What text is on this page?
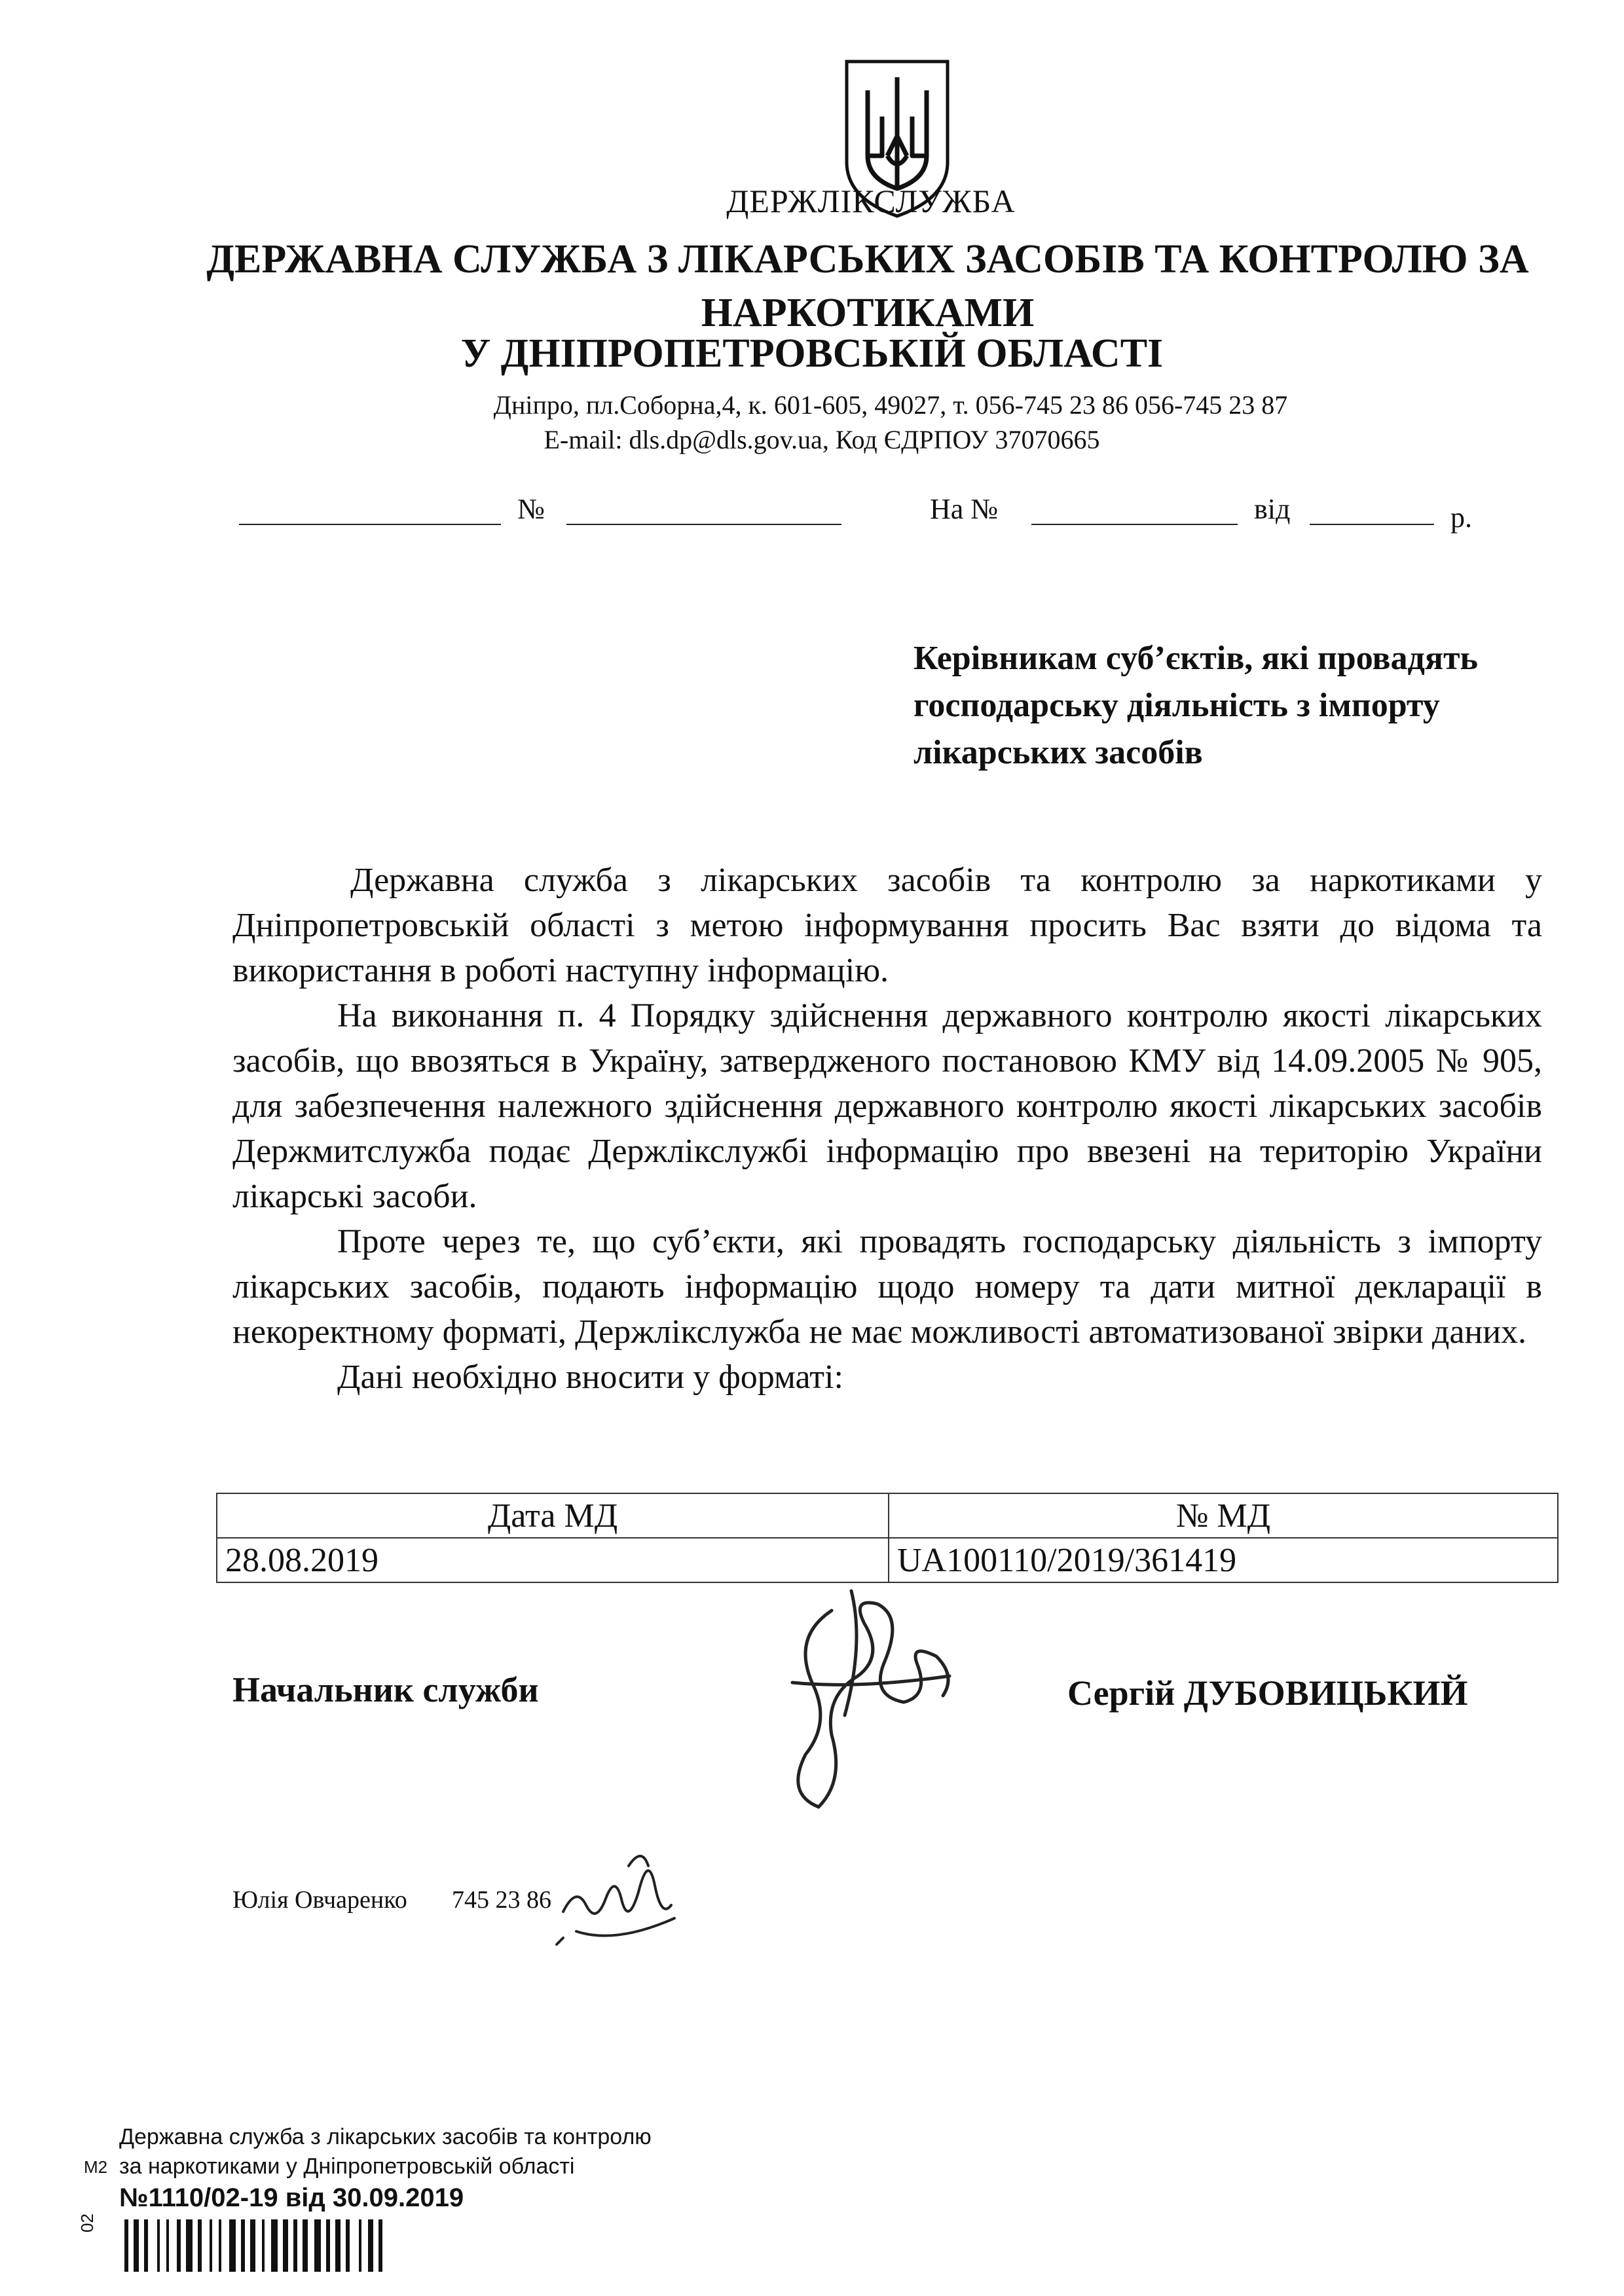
ДЕРЖЛІКСЛУЖБА
ДЕРЖАВНА СЛУЖБА З ЛІКАРСЬКИХ ЗАСОБІВ ТА КОНТРОЛЮ ЗА НАРКОТИКАМИ
У ДНІПРОПЕТРОВСЬКІЙ ОБЛАСТІ
Дніпро, пл.Соборна,4, к. 601-605, 49027, т. 056-745 23 86 056-745 23 87
E-mail: dls.dp@dls.gov.ua, Код ЄДРПОУ 37070665
№	На №	від	р.
Керівникам суб’єктів, які провадять господарську діяльність з імпорту лікарських засобів

Державна служба з лікарських засобів та контролю за наркотиками у Дніпропетровській області з метою інформування просить Вас взяти до відома та використання в роботі наступну інформацію.

На виконання п. 4 Порядку здійснення державного контролю якості лікарських засобів, що ввозяться в Україну, затвердженого постановою КМУ від 14.09.2005 № 905, для забезпечення належного здійснення державного контролю якості лікарських засобів Держмитслужба подає Держлікслужбі інформацію про ввезені на територію України лікарські засоби.

Проте через те, що суб’єкти, які провадять господарську діяльність з імпорту лікарських засобів, подають інформацію щодо номеру та дати митної декларації в некоректному форматі, Держлікслужба не має можливості автоматизованої звірки даних.

Дані необхідно вносити у форматі:

Дата МД	№ МД
28.08.2019	UA100110/2019/361419
Начальник служби	Сергій ДУБОВИЦЬКИЙ
Юлія Овчаренко 745 23 86
Державна служба з лікарських засобів та контролю
M2 за наркотиками у Дніпропетровській області
№1110/02-19 від 30.09.2019
02
